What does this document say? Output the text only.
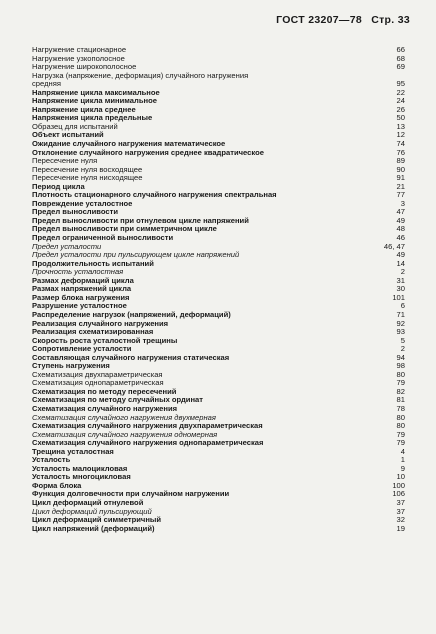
ГОСТ 23207—78 Стр. 33
Нагружение стационарное	66
Нагружение узкополосное	68
Нагружение широкополосное	69
Нагрузка (напряжение, деформация) случайного нагружения
средняя	95
Напряжение цикла максимальное	22
Напряжение цикла минимальное	24
Напряжение цикла среднее	26
Напряжения цикла предельные	50
Образец для испытаний	13
Объект испытаний	12
Ожидание случайного нагружения математическое	74
Отклонение случайного нагружения среднее квадратическое	76
Пересечение нуля	89
Пересечение нуля восходящее	90
Пересечение нуля нисходящее	91
Период цикла	21
Плотность стационарного случайного нагружения спектральная	77
Повреждение усталостное	3
Предел выносливости	47
Предел выносливости при отнулевом цикле напряжений	49
Предел выносливости при симметричном цикле	48
Предел ограниченной выносливости	46
Предел усталости	46, 47
Предел усталости при пульсирующем цикле напряжений	49
Продолжительность испытаний	14
Прочность усталостная	2
Размах деформаций цикла	31
Размах напряжений цикла	30
Размер блока нагружения	101
Разрушение усталостное	6
Распределение нагрузок (напряжений, деформаций)	71
Реализация случайного нагружения	92
Реализация схематизированная	93
Скорость роста усталостной трещины	5
Сопротивление усталости	2
Составляющая случайного нагружения статическая	94
Ступень нагружения	98
Схематизация двухпараметрическая	80
Схематизация однопараметрическая	79
Схематизация по методу пересечений	82
Схематизация по методу случайных ординат	81
Схематизация случайного нагружения	78
Схематизация случайного нагружения двухмерная	80
Схематизация случайного нагружения двухпараметрическая	80
Схематизация случайного нагружения одномерная	79
Схематизация случайного нагружения однопараметрическая	79
Трещина усталостная	4
Усталость	1
Усталость малоцикловая	9
Усталость многоцикловая	10
Форма блока	100
Функция долговечности при случайном нагружении	106
Цикл деформаций отнулевой	37
Цикл деформаций пульсирующий	37
Цикл деформаций симметричный	32
Цикл напряжений (деформаций)	19
